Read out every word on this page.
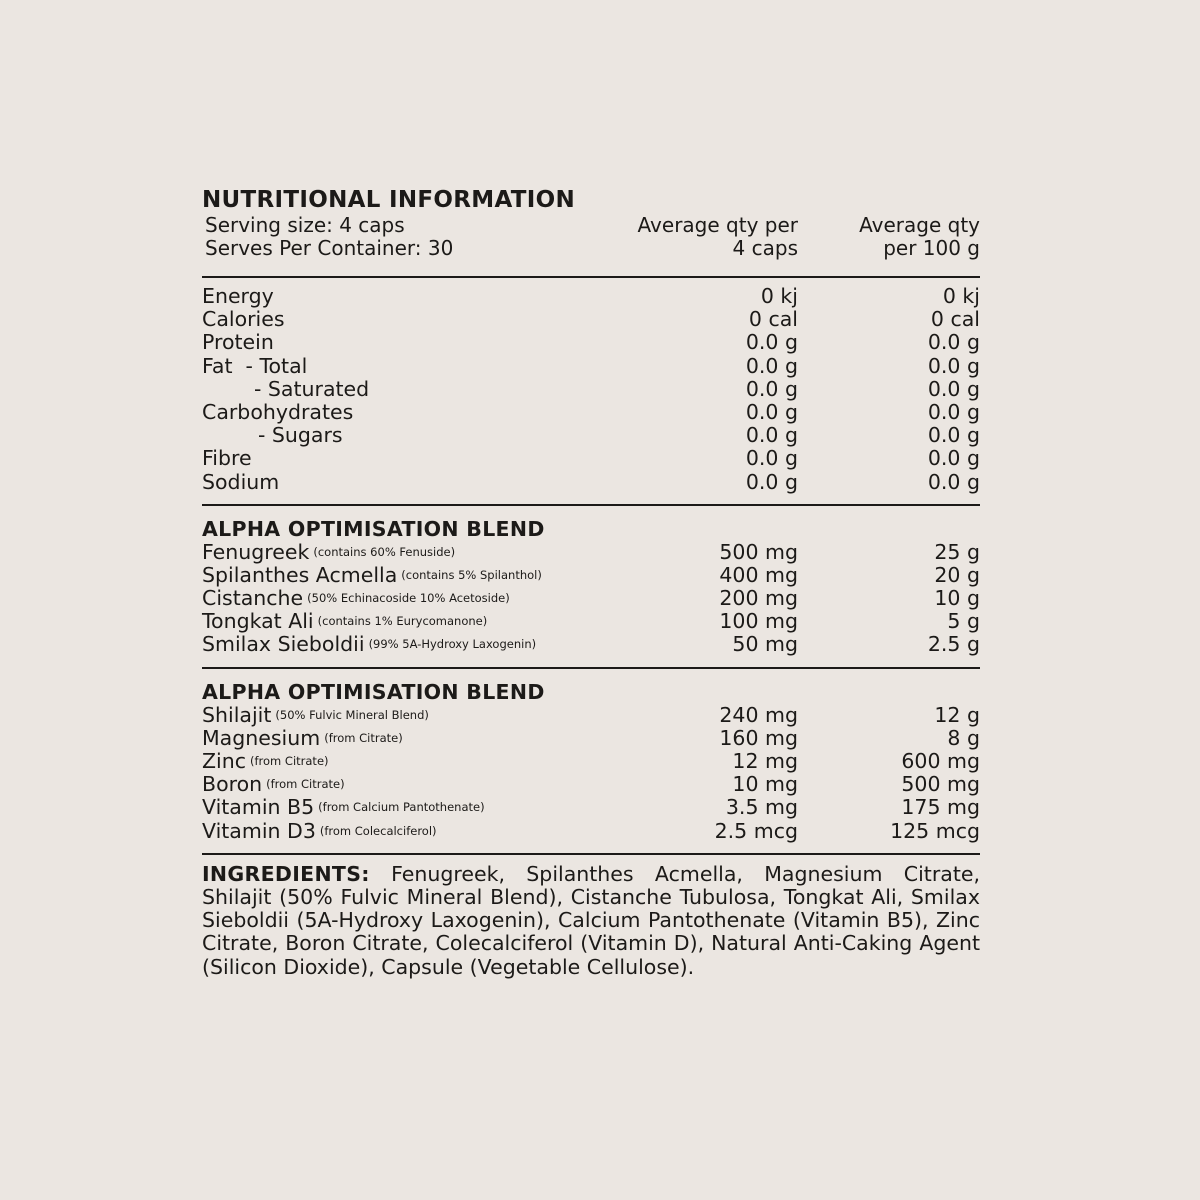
NUTRITIONAL INFORMATION
Serving size: 4 caps
Serves Per Container: 30
Average qty per
4 caps
Average qty
per 100 g
Energy	0 kj	0 kj
Calories	0 cal	0 cal
Protein	0.0 g	0.0 g
Fat  - Total	0.0 g	0.0 g
- Saturated	0.0 g	0.0 g
Carbohydrates	0.0 g	0.0 g
- Sugars	0.0 g	0.0 g
Fibre	0.0 g	0.0 g
Sodium	0.0 g	0.0 g
ALPHA OPTIMISATION BLEND
Fenugreek (contains 60% Fenuside)	500 mg	25 g
Spilanthes Acmella (contains 5% Spilanthol)	400 mg	20 g
Cistanche (50% Echinacoside 10% Acetoside)	200 mg	10 g
Tongkat Ali (contains 1% Eurycomanone)	100 mg	5 g
Smilax Sieboldii (99% 5A-Hydroxy Laxogenin)	50 mg	2.5 g
ALPHA OPTIMISATION BLEND
Shilajit (50% Fulvic Mineral Blend)	240 mg	12 g
Magnesium (from Citrate)	160 mg	8 g
Zinc (from Citrate)	12 mg	600 mg
Boron (from Citrate)	10 mg	500 mg
Vitamin B5 (from Calcium Pantothenate)	3.5 mg	175 mg
Vitamin D3 (from Colecalciferol)	2.5 mcg	125 mcg
INGREDIENTS: Fenugreek, Spilanthes Acmella, Magnesium Citrate, Shilajit (50% Fulvic Mineral Blend), Cistanche Tubulosa, Tongkat Ali, Smilax Sieboldii (5A-Hydroxy Laxogenin), Calcium Pantothenate (Vitamin B5), Zinc Citrate, Boron Citrate, Colecalciferol (Vitamin D), Natural Anti-Caking Agent (Silicon Dioxide), Capsule (Vegetable Cellulose).
